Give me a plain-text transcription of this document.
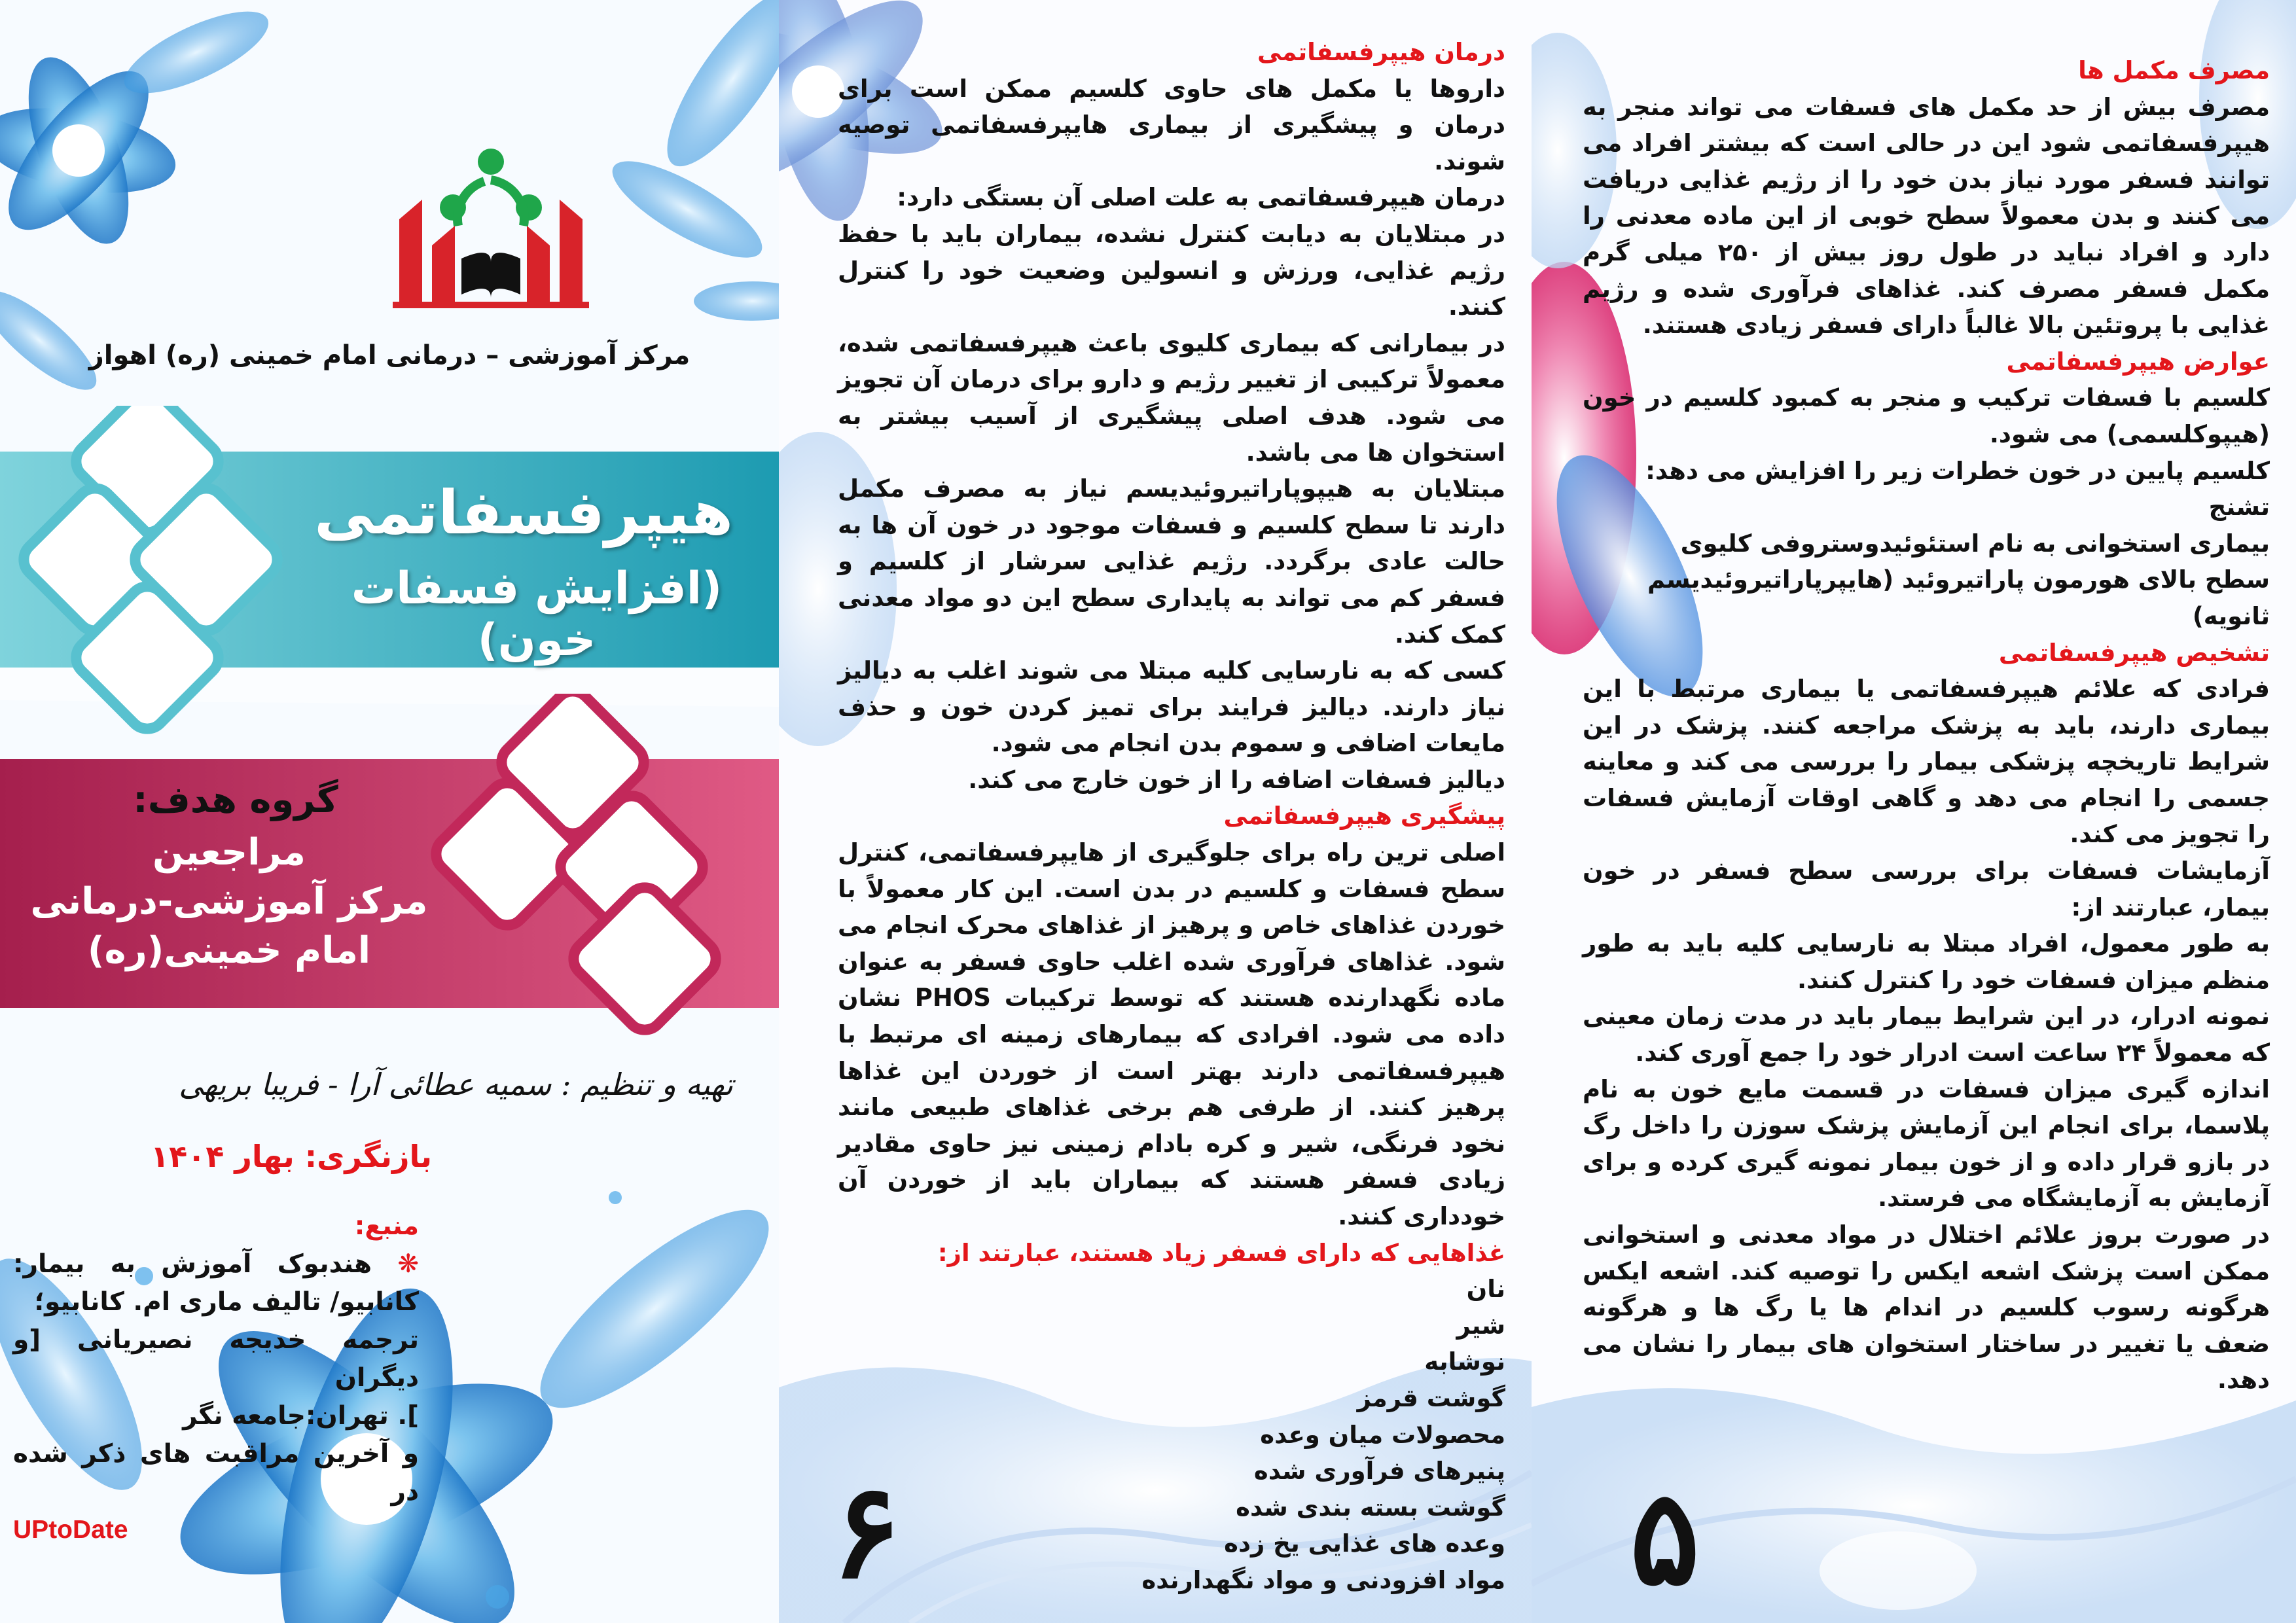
مرکز آموزشی – درمانی امام خمینی (ره) اهواز
هیپرفسفاتمی
(افزایش فسفات خون)
گروه هدف:
مراجعین
مرکز آموزشی-درمانی
امام خمینی(ره)
تهیه و تنظیم : سمیه عطائی آرا - فریبا بریهی
بازنگری: بهار ۱۴۰۴
منبع:
❋ هندبوک آموزش به بیمار: کانابیو/ تالیف ماری ام. کانابیو؛
ترجمه خدیجه نصیریانی [و دیگران
]. تهران:جامعه نگر
و آخرین مراقبت های ذکر شده در
UPtoDate

درمان هیپرفسفاتمی

داروها یا مکمل های حاوی کلسیم ممکن است برای درمان و پیشگیری از بیماری هایپرفسفاتمی توصیه شوند.

درمان هیپرفسفاتمی به علت اصلی آن بستگی دارد:

در مبتلایان به دیابت کنترل نشده، بیماران باید با حفظ رژیم غذایی، ورزش و انسولین وضعیت خود را کنترل کنند.

در بیمارانی که بیماری کلیوی باعث هیپرفسفاتمی شده، معمولاً ترکیبی از تغییر رژیم و دارو برای درمان آن تجویز می شود. هدف اصلی پیشگیری از آسیب بیشتر به استخوان ها می باشد.

مبتلایان به هیپوپاراتیروئیدیسم نیاز به مصرف مکمل دارند تا سطح کلسیم و فسفات موجود در خون آن ها به حالت عادی برگردد. رژیم غذایی سرشار از کلسیم و فسفر کم می تواند به پایداری سطح این دو مواد معدنی کمک کند.

کسی که به نارسایی کلیه مبتلا می شوند اغلب به دیالیز نیاز دارند. دیالیز فرایند برای تمیز کردن خون و حذف مایعات اضافی و سموم بدن انجام می شود.

دیالیز فسفات اضافه را از خون خارج می کند.

پیشگیری هیپرفسفاتمی

اصلی ترین راه برای جلوگیری از هایپرفسفاتمی، کنترل سطح فسفات و کلسیم در بدن است. این کار معمولاً با خوردن غذاهای خاص و پرهیز از غذاهای محرک انجام می شود. غذاهای فرآوری شده اغلب حاوی فسفر به عنوان ماده نگهدارنده هستند که توسط ترکیبات PHOS نشان داده می شود. افرادی که بیمارهای زمینه ای مرتبط با هیپرفسفاتمی دارند بهتر است از خوردن این غذاها پرهیز کنند. از طرفی هم برخی غذاهای طبیعی مانند نخود فرنگی، شیر و کره بادام زمینی نیز حاوی مقادیر زیادی فسفر هستند که بیماران باید از خوردن آن خودداری کنند.

غذاهایی که دارای فسفر زیاد هستند، عبارتند از:

نان

شیر

نوشابه

گوشت قرمز

محصولات میان وعده

پنیرهای فرآوری شده

گوشت بسته بندی شده

وعده های غذایی یخ زده

مواد افزودنی و مواد نگهدارنده

۶

مصرف مکمل ها

مصرف بیش از حد مکمل های فسفات می تواند منجر به هیپرفسفاتمی شود این در حالی است که بیشتر افراد می توانند فسفر مورد نیاز بدن خود را از رژیم غذایی دریافت می کنند و بدن معمولاً سطح خوبی از این ماده معدنی را دارد و افراد نباید در طول روز بیش از ۲۵۰ میلی گرم مکمل فسفر مصرف کند. غذاهای فرآوری شده و رژیم غذایی با پروتئین بالا غالباً دارای فسفر زیادی هستند.

عوارض هیپرفسفاتمی

کلسیم با فسفات ترکیب و منجر به کمبود کلسیم در خون (هیپوکلسمی) می شود.

کلسیم پایین در خون خطرات زیر را افزایش می دهد:

تشنج

بیماری استخوانی به نام استئوئیدوستروفی کلیوی

سطح بالای هورمون پاراتیروئید (هایپرپاراتیروئیدیسم ثانویه)

تشخیص هیپرفسفاتمی

فرادی که علائم هیپرفسفاتمی یا بیماری مرتبط با این بیماری دارند، باید به پزشک مراجعه کنند. پزشک در این شرایط تاریخچه پزشکی بیمار را بررسی می کند و معاینه جسمی را انجام می دهد و گاهی اوقات آزمایش فسفات را تجویز می کند.

آزمایشات فسفات برای بررسی سطح فسفر در خون بیمار، عبارتند از:

به طور معمول، افراد مبتلا به نارسایی کلیه باید به طور منظم میزان فسفات خود را کنترل کنند.

نمونه ادرار، در این شرایط بیمار باید در مدت زمان معینی که معمولاً ۲۴ ساعت است ادرار خود را جمع آوری کند.

اندازه گیری میزان فسفات در قسمت مایع خون به نام پلاسما، برای انجام این آزمایش پزشک سوزن را داخل رگ در بازو قرار داده و از خون بیمار نمونه گیری کرده و برای آزمایش به آزمایشگاه می فرستد.

در صورت بروز علائم اختلال در مواد معدنی و استخوانی ممکن است پزشک اشعه ایکس را توصیه کند. اشعه ایکس هرگونه رسوب کلسیم در اندام ها یا رگ ها و هرگونه ضعف یا تغییر در ساختار استخوان های بیمار را نشان می دهد.

۵
